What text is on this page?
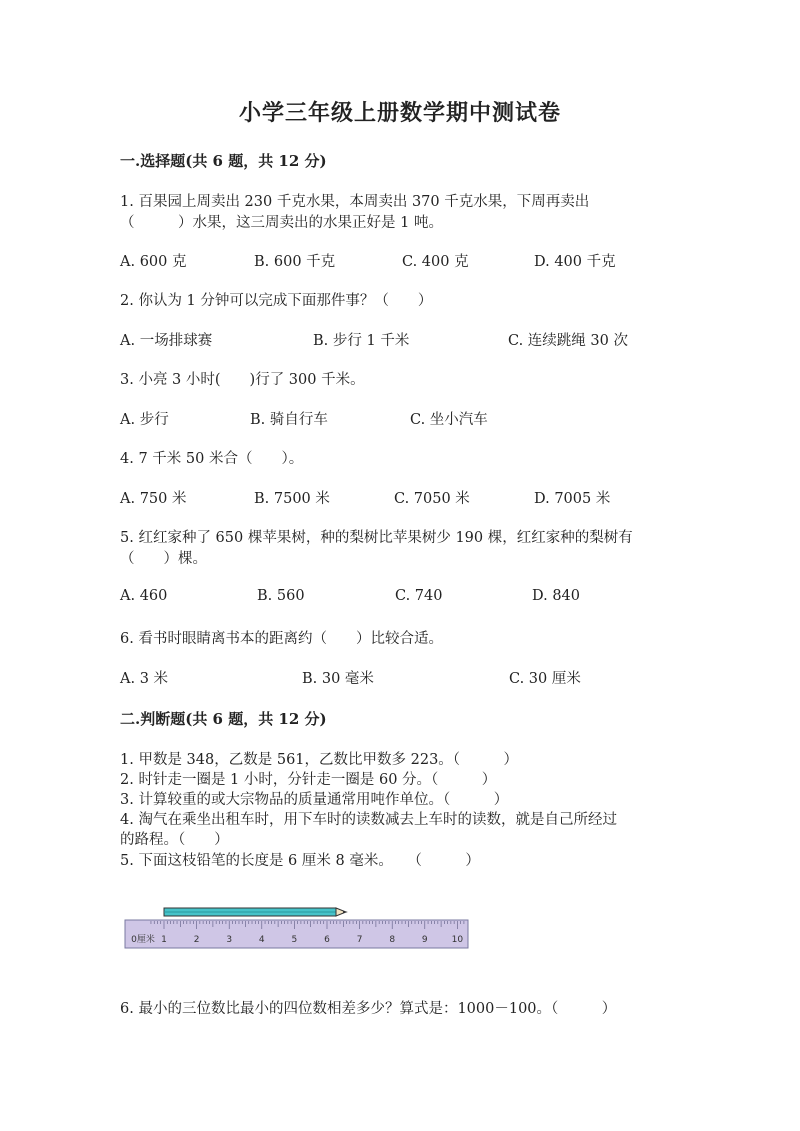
小学三年级上册数学期中测试卷
一.选择题(共 6 题，共 12 分)
1. 百果园上周卖出 230 千克水果，本周卖出 370 千克水果，下周再卖出
（　　　）水果，这三周卖出的水果正好是 1 吨。
A. 600 克	B. 600 千克	C. 400 克	D. 400 千克
2. 你认为 1 分钟可以完成下面那件事？（　　）
A. 一场排球赛	B. 步行 1 千米	C. 连续跳绳 30 次
3. 小亮 3 小时(　　)行了 300 千米。
A. 步行	B. 骑自行车	C. 坐小汽车
4. 7 千米 50 米合（　　）。
A. 750 米	B. 7500 米	C. 7050 米	D. 7005 米
5. 红红家种了 650 棵苹果树，种的梨树比苹果树少 190 棵，红红家种的梨树有
（　　）棵。
A. 460	B. 560	C. 740	D. 840
6. 看书时眼睛离书本的距离约（　　）比较合适。
A. 3 米	B. 30 毫米	C. 30 厘米
二.判断题(共 6 题，共 12 分)
1. 甲数是 348，乙数是 561，乙数比甲数多 223。（　　　）
2. 时针走一圈是 1 小时，分针走一圈是 60 分。（　　　）
3. 计算较重的或大宗物品的质量通常用吨作单位。（　　　）
4. 淘气在乘坐出租车时，用下车时的读数减去上车时的读数，就是自己所经过
的路程。（　　）
5. 下面这枝铅笔的长度是 6 厘米 8 毫米。　　（　　　）
0厘米 1	2	3	4	5	6	7	8	9	10
6. 最小的三位数比最小的四位数相差多少？算式是：1000－100。（　　　）
